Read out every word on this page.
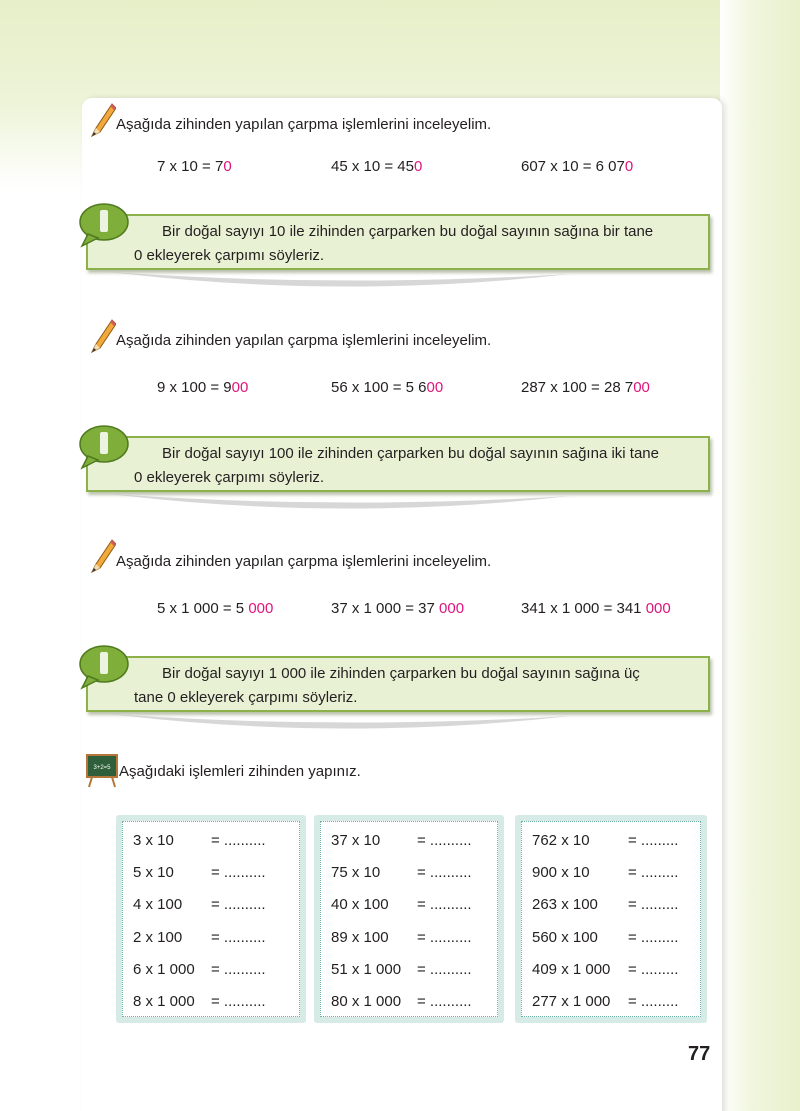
Aşağıda zihinden yapılan çarpma işlemlerini inceleyelim.
7 x 10 = 70	45 x 10 = 450	607 x 10 = 6 070
Bir doğal sayıyı 10 ile zihinden çarparken bu doğal sayının sağına bir tane
0 ekleyerek çarpımı söyleriz.
Aşağıda zihinden yapılan çarpma işlemlerini inceleyelim.
9 x 100 = 900	56 x 100 = 5 600	287 x 100 = 28 700
Bir doğal sayıyı 100 ile zihinden çarparken bu doğal sayının sağına iki tane
0 ekleyerek çarpımı söyleriz.
Aşağıda zihinden yapılan çarpma işlemlerini inceleyelim.
5 x 1 000 = 5 000	37 x 1 000 = 37 000	341 x 1 000 = 341 000
Bir doğal sayıyı 1 000 ile zihinden çarparken bu doğal sayının sağına üç
tane 0 ekleyerek çarpımı söyleriz.
3+2=5 Aşağıdaki işlemleri zihinden yapınız.
3 x 10 = ..........
5 x 10 = ..........
4 x 100 = ..........
2 x 100 = ..........
6 x 1 000 = ..........
8 x 1 000 = ..........
37 x 10 = ..........
75 x 10 = ..........
40 x 100 = ..........
89 x 100 = ..........
51 x 1 000 = ..........
80 x 1 000 = ..........
762 x 10	= .........
900 x 10	= .........
263 x 100 = .........
560 x 100 = .........
409 x 1 000 = .........
277 x 1 000 = .........
77
